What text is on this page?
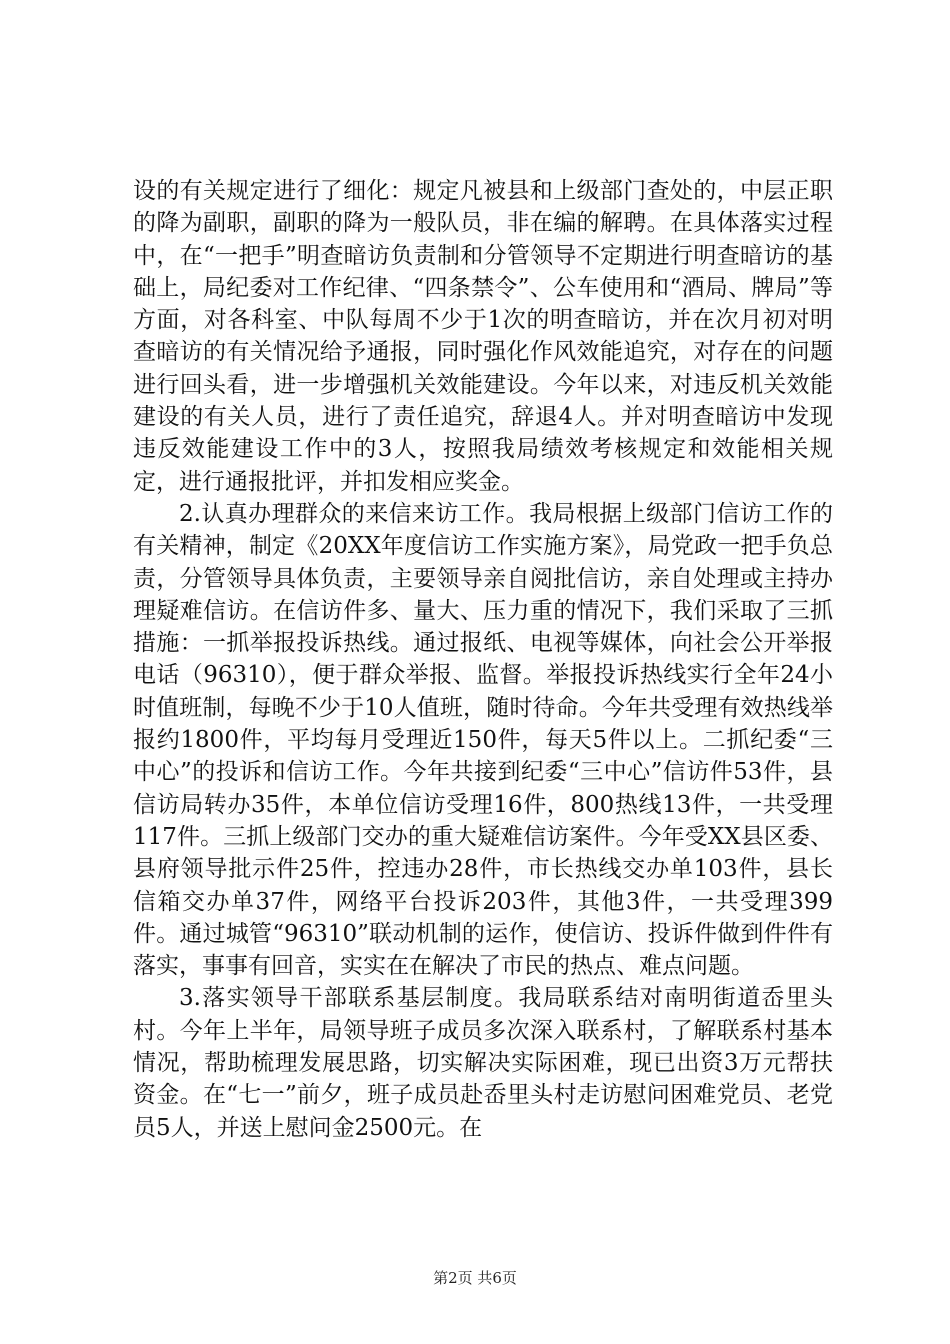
设的有关规定进行了细化：规定凡被县和上级部门查处的，中层正职的降为副职，副职的降为一般队员，非在编的解聘。在具体落实过程中，在“一把手”明查暗访负责制和分管领导不定期进行明查暗访的基础上，局纪委对工作纪律、“四条禁令”、公车使用和“酒局、牌局”等方面，对各科室、中队每周不少于1次的明查暗访，并在次月初对明查暗访的有关情况给予通报，同时强化作风效能追究，对存在的问题进行回头看，进一步增强机关效能建设。今年以来，对违反机关效能建设的有关人员，进行了责任追究，辞退4人。并对明查暗访中发现违反效能建设工作中的3人，按照我局绩效考核规定和效能相关规定，进行通报批评，并扣发相应奖金。

2.认真办理群众的来信来访工作。我局根据上级部门信访工作的有关精神，制定《20XX年度信访工作实施方案》，局党政一把手负总责，分管领导具体负责，主要领导亲自阅批信访，亲自处理或主持办理疑难信访。在信访件多、量大、压力重的情况下，我们采取了三抓措施：一抓举报投诉热线。通过报纸、电视等媒体，向社会公开举报电话（96310），便于群众举报、监督。举报投诉热线实行全年24小时值班制，每晚不少于10人值班，随时待命。今年共受理有效热线举报约1800件，平均每月受理近150件，每天5件以上。二抓纪委“三中心”的投诉和信访工作。今年共接到纪委“三中心”信访件53件，县信访局转办35件，本单位信访受理16件，800热线13件，一共受理117件。三抓上级部门交办的重大疑难信访案件。今年受XX县区委、县府领导批示件25件，控违办28件，市长热线交办单103件，县长信箱交办单37件，网络平台投诉203件，其他3件，一共受理399件。通过城管“96310”联动机制的运作，使信访、投诉件做到件件有落实，事事有回音，实实在在解决了市民的热点、难点问题。

3.落实领导干部联系基层制度。我局联系结对南明街道岙里头村。今年上半年，局领导班子成员多次深入联系村，了解联系村基本情况，帮助梳理发展思路，切实解决实际困难，现已出资3万元帮扶资金。在“七一”前夕，班子成员赴岙里头村走访慰问困难党员、老党员5人，并送上慰问金2500元。在

第2页 共6页
